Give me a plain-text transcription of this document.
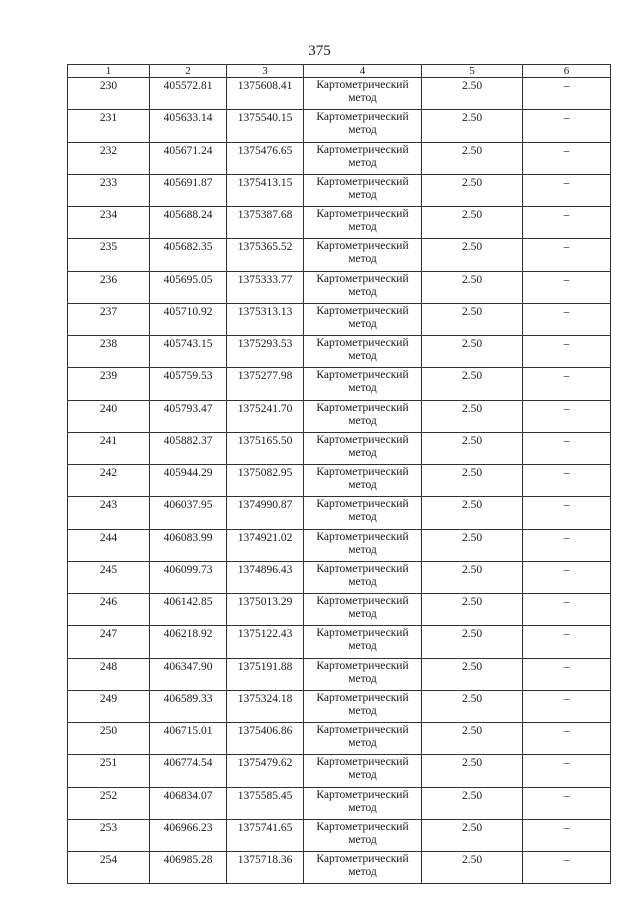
375
1	2	3	4	5	6
230	405572.81	1375608.41	Картометрический метод	2.50	–
231	405633.14	1375540.15	Картометрический метод	2.50	–
232	405671.24	1375476.65	Картометрический метод	2.50	–
233	405691.87	1375413.15	Картометрический метод	2.50	–
234	405688.24	1375387.68	Картометрический метод	2.50	–
235	405682.35	1375365.52	Картометрический метод	2.50	–
236	405695.05	1375333.77	Картометрический метод	2.50	–
237	405710.92	1375313.13	Картометрический метод	2.50	–
238	405743.15	1375293.53	Картометрический метод	2.50	–
239	405759.53	1375277.98	Картометрический метод	2.50	–
240	405793.47	1375241.70	Картометрический метод	2.50	–
241	405882.37	1375165.50	Картометрический метод	2.50	–
242	405944.29	1375082.95	Картометрический метод	2.50	–
243	406037.95	1374990.87	Картометрический метод	2.50	–
244	406083.99	1374921.02	Картометрический метод	2.50	–
245	406099.73	1374896.43	Картометрический метод	2.50	–
246	406142.85	1375013.29	Картометрический метод	2.50	–
247	406218.92	1375122.43	Картометрический метод	2.50	–
248	406347.90	1375191.88	Картометрический метод	2.50	–
249	406589.33	1375324.18	Картометрический метод	2.50	–
250	406715.01	1375406.86	Картометрический метод	2.50	–
251	406774.54	1375479.62	Картометрический метод	2.50	–
252	406834.07	1375585.45	Картометрический метод	2.50	–
253	406966.23	1375741.65	Картометрический метод	2.50	–
254	406985.28	1375718.36	Картометрический метод	2.50	–
